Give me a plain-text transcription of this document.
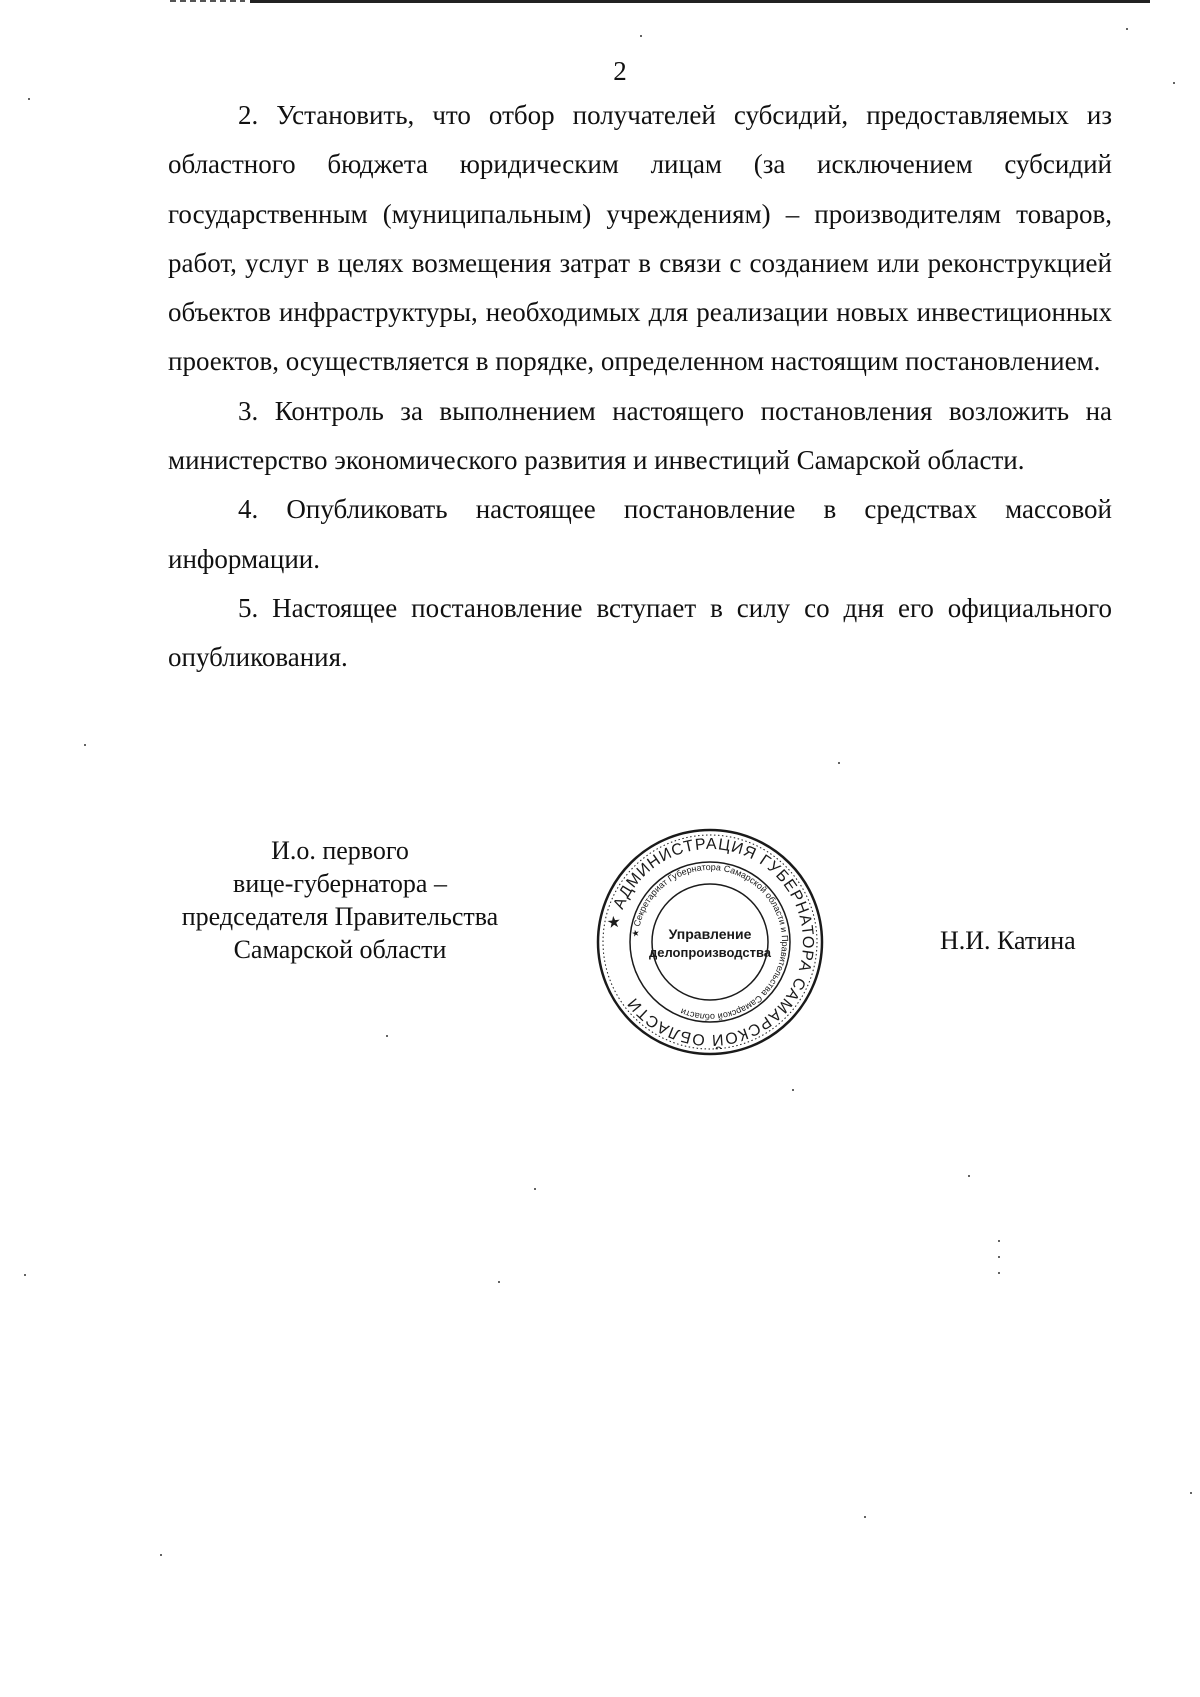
2

2. Установить, что отбор получателей субсидий, предоставляемых из областного бюджета юридическим лицам (за исключением субсидий государственным (муниципальным) учреждениям) – производителям товаров, работ, услуг в целях возмещения затрат в связи с созданием или реконструкцией объектов инфраструктуры, необходимых для реализации новых инвестиционных проектов, осуществляется в порядке, определенном настоящим постановлением.

3. Контроль за выполнением настоящего постановления возложить на министерство экономического развития и инвестиций Самарской области.

4. Опубликовать настоящее постановление в средствах массовой информации.

5. Настоящее постановление вступает в силу со дня его официального опубликования.

И.о. первого
вице-губернатора –
председателя Правительства
Самарской области
★ АДМИНИСТРАЦИЯ ГУБЕРНАТОРА САМАРСКОЙ ОБЛАСТИ
★ Секретариат Губернатора Самарской области и Правительства Самарской области
Управление
делопроизводства	Н.И. Катина
